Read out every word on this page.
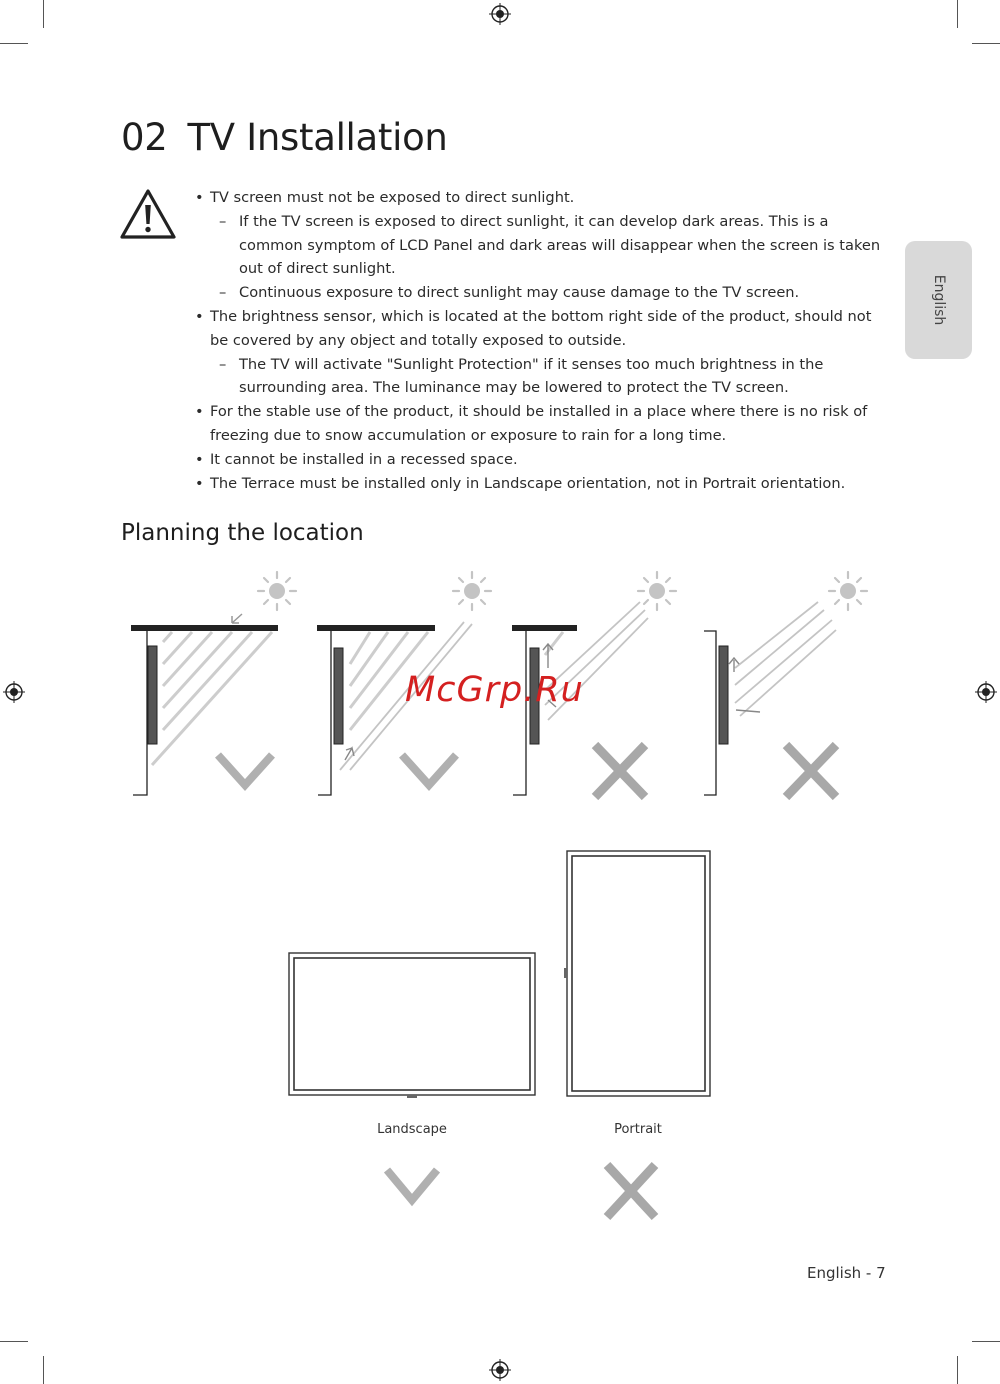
02 TV Installation
English
• TV screen must not be exposed to direct sunlight.
– If the TV screen is exposed to direct sunlight, it can develop dark areas. This is a common symptom of LCD Panel and dark areas will disappear when the screen is taken out of direct sunlight.
– Continuous exposure to direct sunlight may cause damage to the TV screen.
• The brightness sensor, which is located at the bottom right side of the product, should not be covered by any object and totally exposed to outside.
– The TV will activate "Sunlight Protection" if it senses too much brightness in the surrounding area. The luminance may be lowered to protect the TV screen.
• For the stable use of the product, it should be installed in a place where there is no risk of freezing due to snow accumulation or exposure to rain for a long time.
• It cannot be installed in a recessed space.
• The Terrace must be installed only in Landscape orientation, not in Portrait orientation.
Planning the location
Landscape	Portrait
McGrp.Ru
English - 7
